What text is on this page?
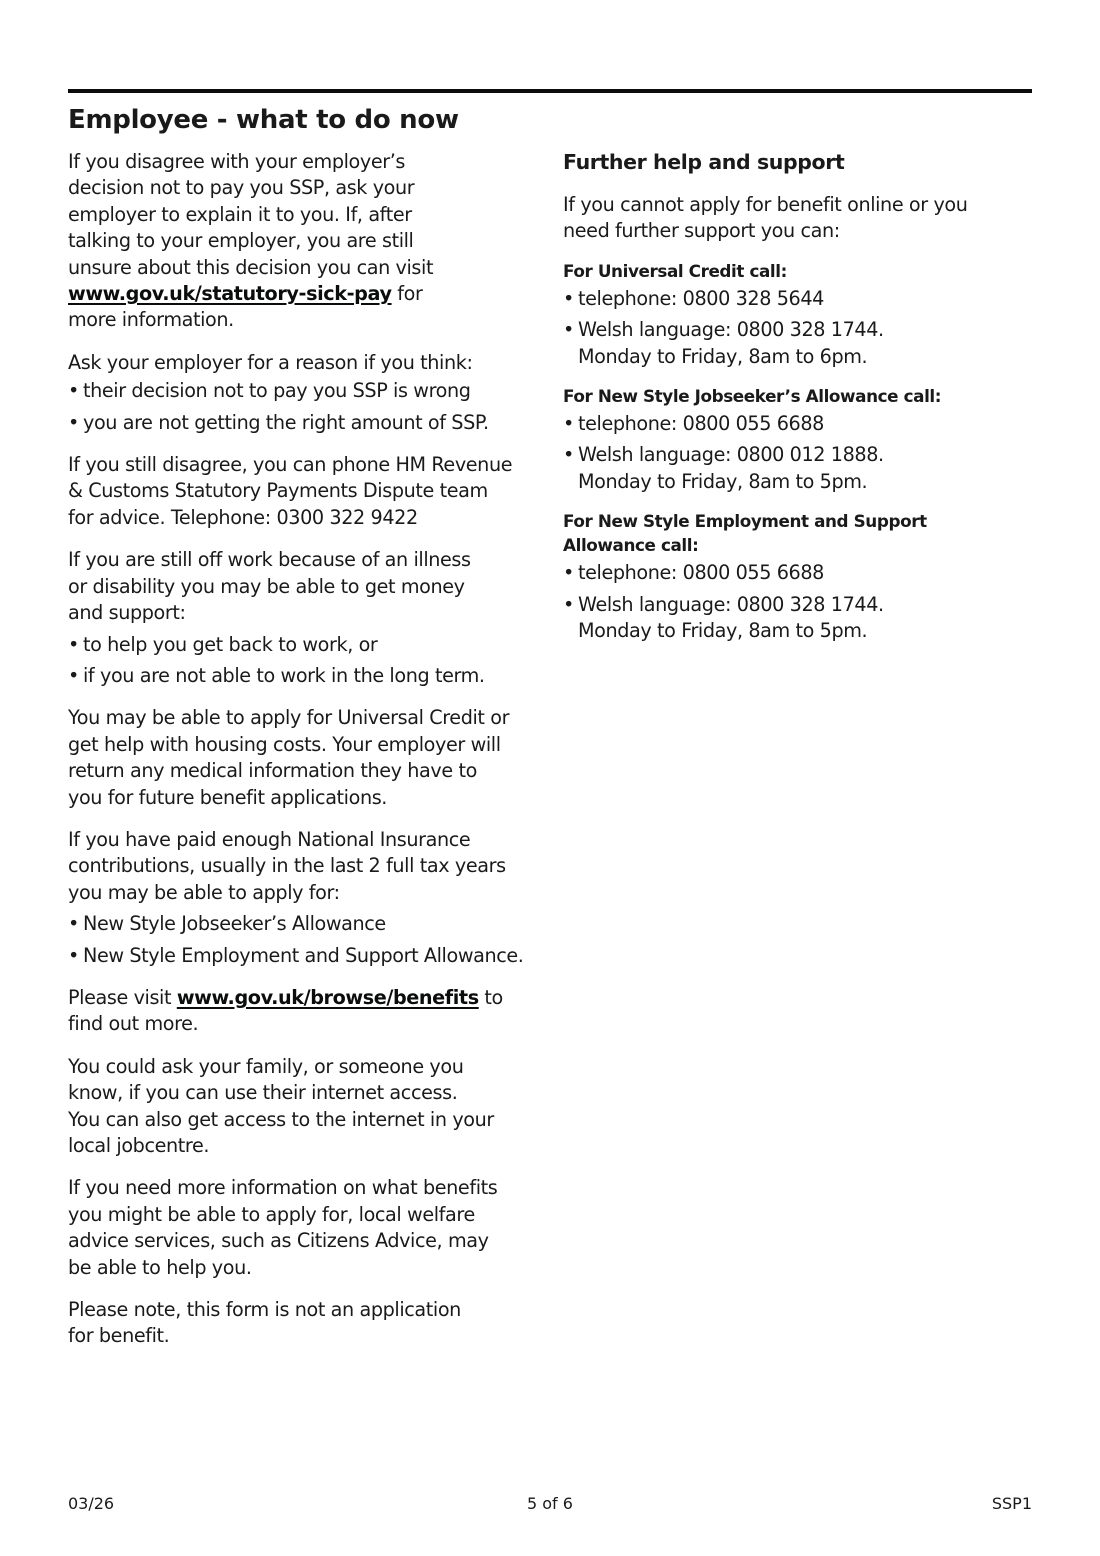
Employee - what to do now

If you disagree with your employer’s
decision not to pay you SSP, ask your
employer to explain it to you. If, after
talking to your employer, you are still
unsure about this decision you can visit
www.gov.uk/statutory-sick-pay for
more information.

Ask your employer for a reason if you think:

• their decision not to pay you SSP is wrong
• you are not getting the right amount of SSP.

If you still disagree, you can phone HM Revenue
& Customs Statutory Payments Dispute team
for advice. Telephone: 0300 322 9422

If you are still off work because of an illness
or disability you may be able to get money
and support:

• to help you get back to work, or
• if you are not able to work in the long term.

You may be able to apply for Universal Credit or
get help with housing costs. Your employer will
return any medical information they have to
you for future benefit applications.

If you have paid enough National Insurance
contributions, usually in the last 2 full tax years
you may be able to apply for:

• New Style Jobseeker’s Allowance
• New Style Employment and Support Allowance.

Please visit www.gov.uk/browse/benefits to
find out more.

You could ask your family, or someone you
know, if you can use their internet access.
You can also get access to the internet in your
local jobcentre.

If you need more information on what benefits
you might be able to apply for, local welfare
advice services, such as Citizens Advice, may
be able to help you.

Please note, this form is not an application
for benefit.

Further help and support

If you cannot apply for benefit online or you
need further support you can:

For Universal Credit call:
• telephone: 0800 328 5644
• Welsh language: 0800 328 1744.
Monday to Friday, 8am to 6pm.
For New Style Jobseeker’s Allowance call:
• telephone: 0800 055 6688
• Welsh language: 0800 012 1888.
Monday to Friday, 8am to 5pm.
For New Style Employment and Support
Allowance call:
• telephone: 0800 055 6688
• Welsh language: 0800 328 1744.
Monday to Friday, 8am to 5pm.
03/26	5 of 6	SSP1
